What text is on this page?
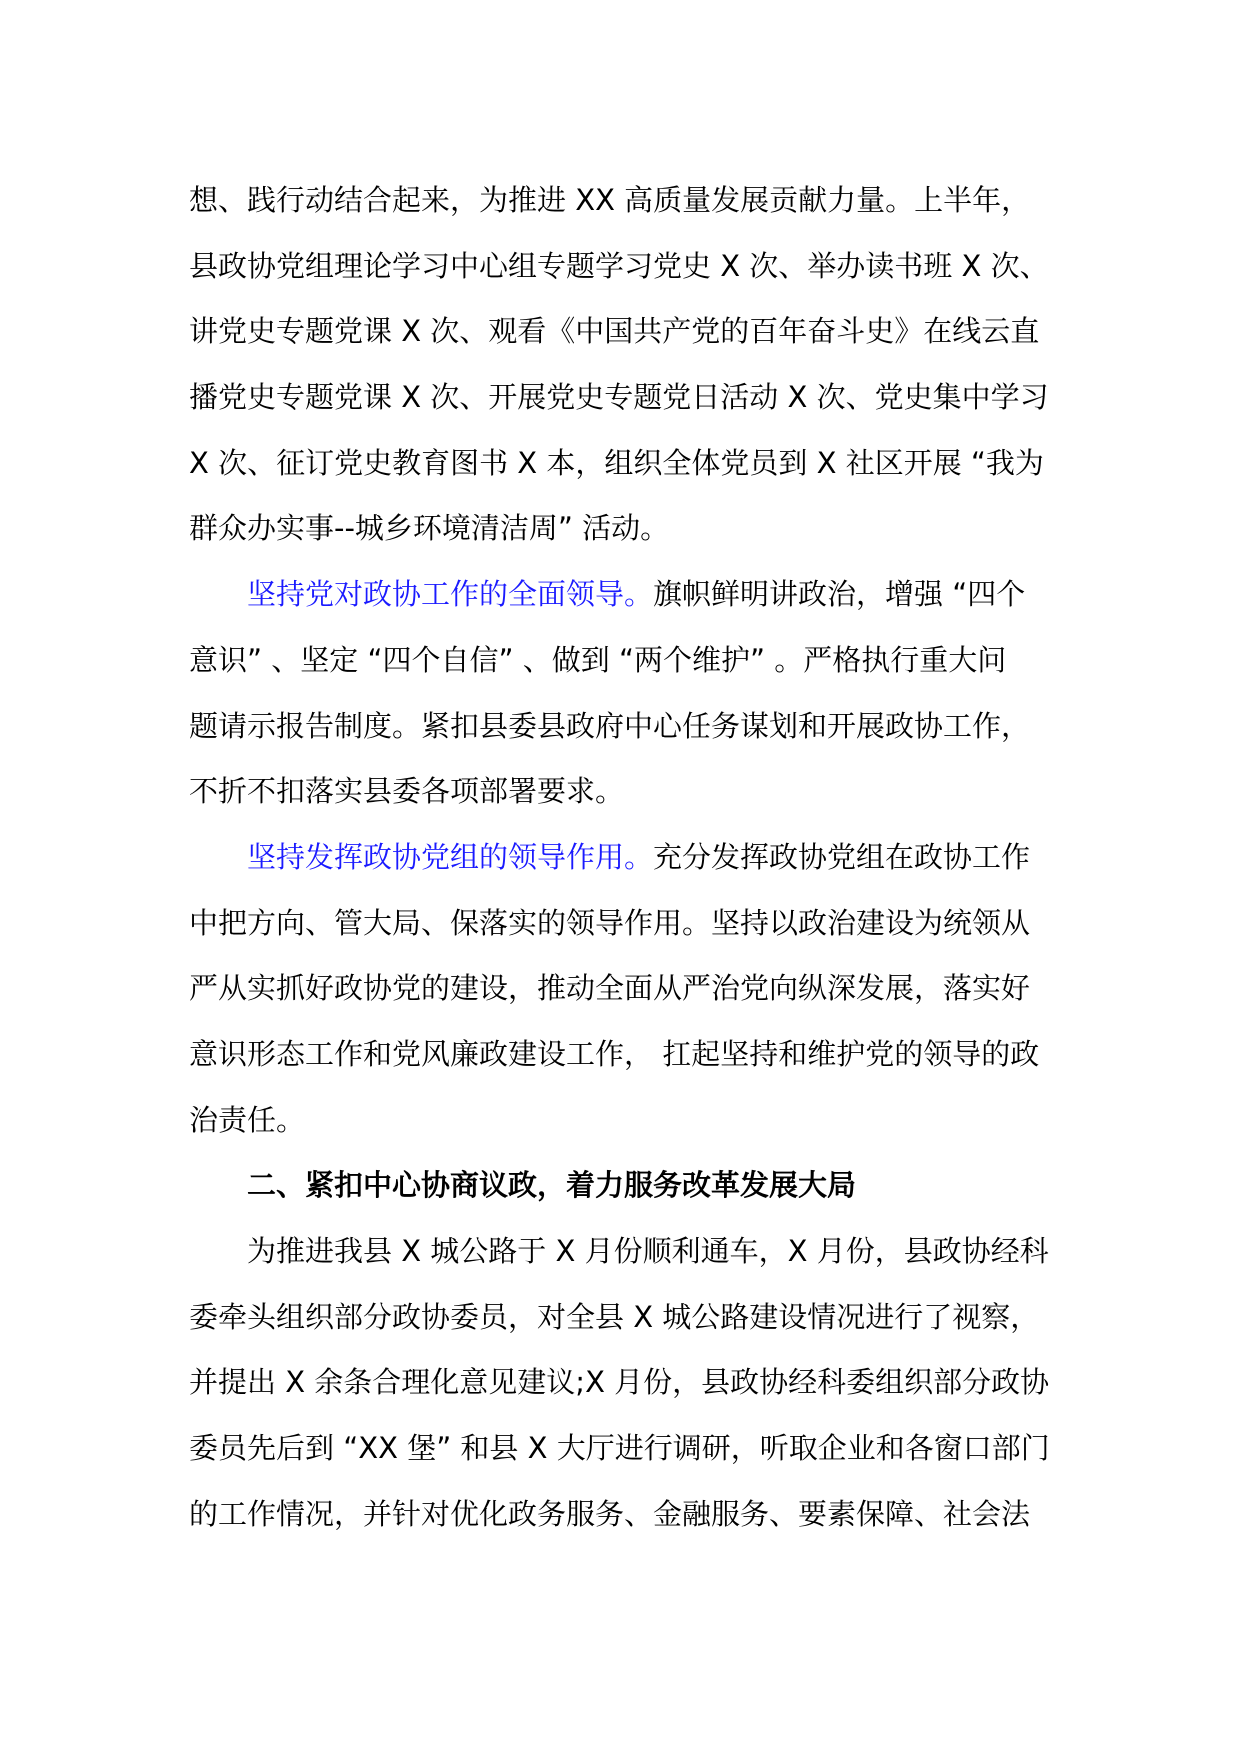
想、践行动结合起来，为推进 XX 高质量发展贡献力量。上半年，
县政协党组理论学习中心组专题学习党史 X 次、举办读书班 X 次、
讲党史专题党课 X 次、观看《中国共产党的百年奋斗史》在线云直
播党史专题党课 X 次、开展党史专题党日活动 X 次、党史集中学习
X 次、征订党史教育图书 X 本，组织全体党员到 X 社区开展 “我为
群众办实事--城乡环境清洁周” 活动。
坚持党对政协工作的全面领导。旗帜鲜明讲政治，增强 “四个
意识” 、坚定 “四个自信” 、做到 “两个维护” 。严格执行重大问
题请示报告制度。紧扣县委县政府中心任务谋划和开展政协工作，
不折不扣落实县委各项部署要求。
坚持发挥政协党组的领导作用。充分发挥政协党组在政协工作
中把方向、管大局、保落实的领导作用。坚持以政治建设为统领从
严从实抓好政协党的建设，推动全面从严治党向纵深发展，落实好
意识形态工作和党风廉政建设工作， 扛起坚持和维护党的领导的政
治责任。
二、紧扣中心协商议政，着力服务改革发展大局
为推进我县 X 城公路于 X 月份顺利通车，X 月份，县政协经科
委牵头组织部分政协委员，对全县 X 城公路建设情况进行了视察，
并提出 X 余条合理化意见建议;X 月份，县政协经科委组织部分政协
委员先后到 “XX 堡” 和县 X 大厅进行调研，听取企业和各窗口部门
的工作情况，并针对优化政务服务、金融服务、要素保障、社会法
